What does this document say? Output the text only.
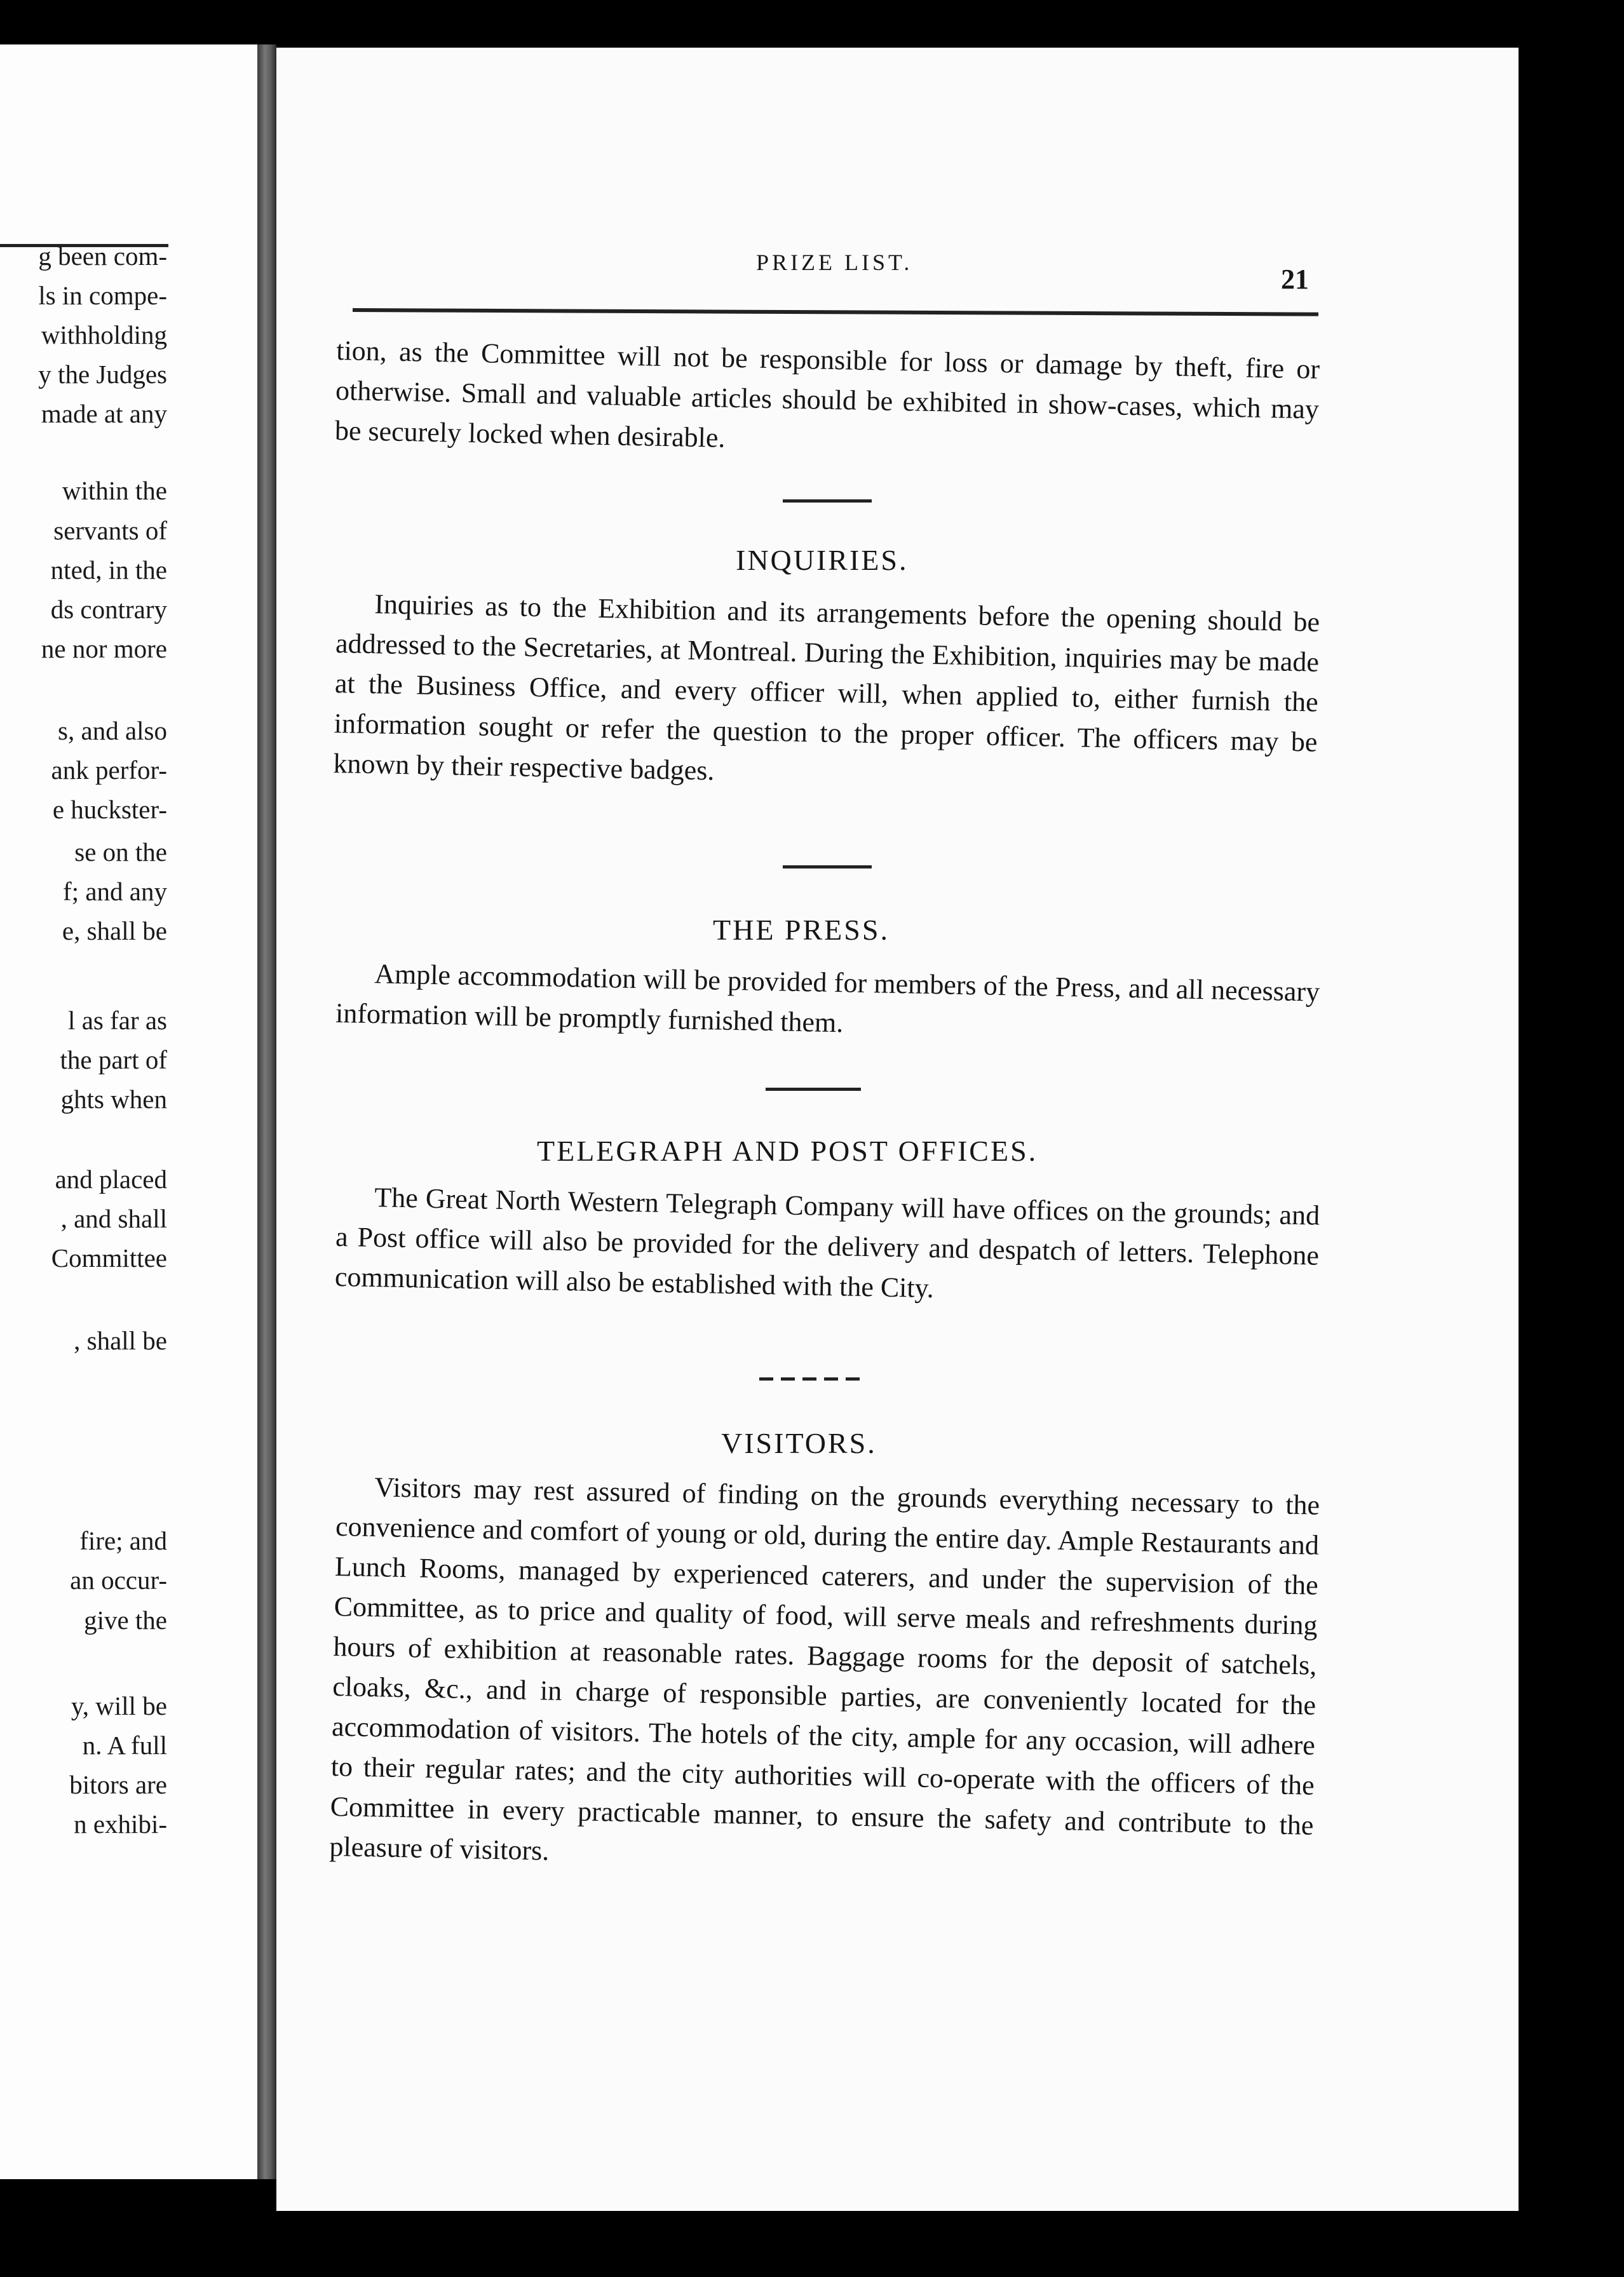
g been com-
ls in compe-
withholding
y the Judges
made at any
within the
servants of
nted, in the
ds contrary
ne nor more
s, and also
ank perfor-
e huckster-
se on the
f; and any
e, shall be
l as far as
the part of
ghts when
and placed
, and shall
Committee
, shall be
fire; and
an occur-
give the
y, will be
n. A full
bitors are
n exhibi-
PRIZE LIST.
21

tion, as the Committee will not be responsible for loss or damage by theft, fire or otherwise. Small and valuable articles should be exhibited in show-cases, which may be securely locked when desirable.

INQUIRIES.

Inquiries as to the Exhibition and its arrangements before the opening should be addressed to the Secretaries, at Montreal. During the Exhibition, inquiries may be made at the Business Office, and every officer will, when applied to, either furnish the information sought or refer the question to the proper officer. The officers may be known by their respective badges.

THE PRESS.

Ample accommodation will be provided for members of the Press, and all necessary information will be promptly furnished them.

TELEGRAPH AND POST OFFICES.

The Great North Western Telegraph Company will have offices on the grounds; and a Post office will also be provided for the delivery and despatch of letters. Telephone communication will also be established with the City.

VISITORS.

Visitors may rest assured of finding on the grounds everything necessary to the convenience and comfort of young or old, during the entire day. Ample Restaurants and Lunch Rooms, managed by experienced caterers, and under the supervision of the Committee, as to price and quality of food, will serve meals and refreshments during hours of exhibition at reasonable rates. Baggage rooms for the deposit of satchels, cloaks, &c., and in charge of responsible parties, are conveniently located for the accommodation of visitors. The hotels of the city, ample for any occasion, will adhere to their regular rates; and the city authorities will co-operate with the officers of the Committee in every practicable manner, to ensure the safety and contribute to the pleasure of visitors.
